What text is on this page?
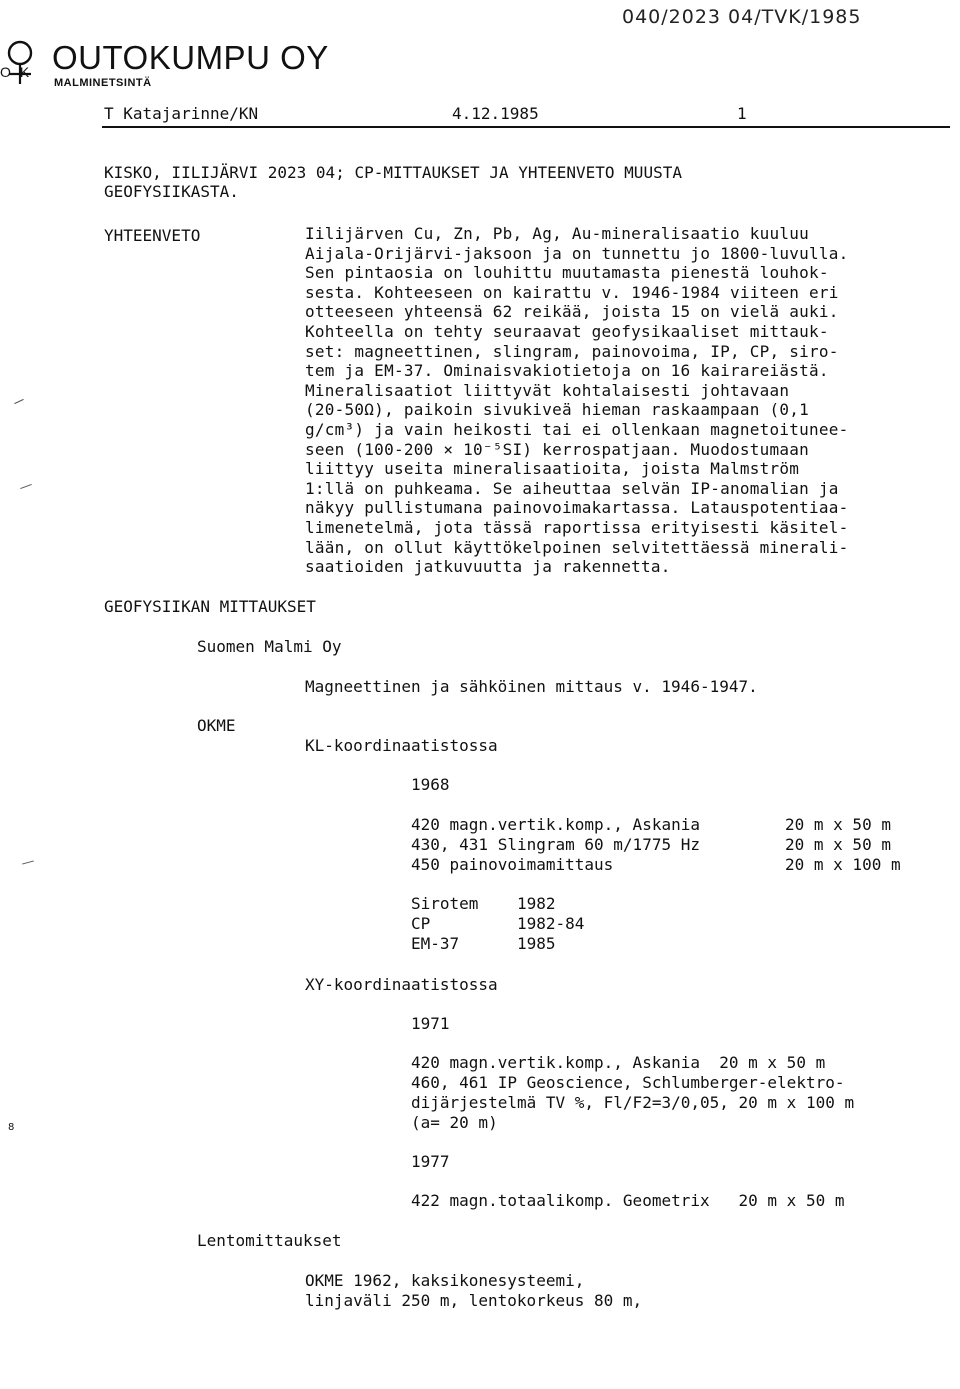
040/2023 04/TVK/1985
OK OUTOKUMPU OY
MALMINETSINTÄ
T Katajarinne/KN	4.12.1985	1
KISKO, IILIJÄRVI 2023 04; CP-MITTAUKSET JA YHTEENVETO MUUSTA
GEOFYSIIKASTA.
YHTEENVETO	Iilijärven Cu, Zn, Pb, Ag, Au-mineralisaatio kuuluu
Aijala-Orijärvi-jaksoon ja on tunnettu jo 1800-luvulla.
Sen pintaosia on louhittu muutamasta pienestä louhok-
sesta. Kohteeseen on kairattu v. 1946-1984 viiteen eri
otteeseen yhteensä 62 reikää, joista 15 on vielä auki.
Kohteella on tehty seuraavat geofysikaaliset mittauk-
set: magneettinen, slingram, painovoima, IP, CP, siro-
tem ja EM-37. Ominaisvakiotietoja on 16 kairareiästä.
Mineralisaatiot liittyvät kohtalaisesti johtavaan
(20-50Ω), paikoin sivukiveä hieman raskaampaan (0,1
g/cm³) ja vain heikosti tai ei ollenkaan magnetoitunee-
seen (100-200 × 10⁻⁵SI) kerrospatjaan. Muodostumaan
liittyy useita mineralisaatioita, joista Malmström
1:llä on puhkeama. Se aiheuttaa selvän IP-anomalian ja
näkyy pullistumana painovoimakartassa. Latauspotentiaa-
limenetelmä, jota tässä raportissa erityisesti käsitel-
lään, on ollut käyttökelpoinen selvitettäessä minerali-
saatioiden jatkuvuutta ja rakennetta.
8
GEOFYSIIKAN MITTAUKSET
Suomen Malmi Oy
Magneettinen ja sähköinen mittaus v. 1946-1947.
OKME
KL-koordinaatistossa
1968
420 magn.vertik.komp., Askania	20 m x 50 m
430, 431 Slingram 60 m/1775 Hz	20 m x 50 m
450 painovoimamittaus	20 m x 100 m
Sirotem 1982
CP	1982-84
EM-37	1985
XY-koordinaatistossa
1971
420 magn.vertik.komp., Askania  20 m x 50 m
460, 461 IP Geoscience, Schlumberger-elektro-
dijärjestelmä TV %, Fl/F2=3/0,05, 20 m x 100 m
(a= 20 m)
1977
422 magn.totaalikomp. Geometrix   20 m x 50 m
Lentomittaukset
OKME 1962, kaksikonesysteemi,
linjaväli 250 m, lentokorkeus 80 m,
